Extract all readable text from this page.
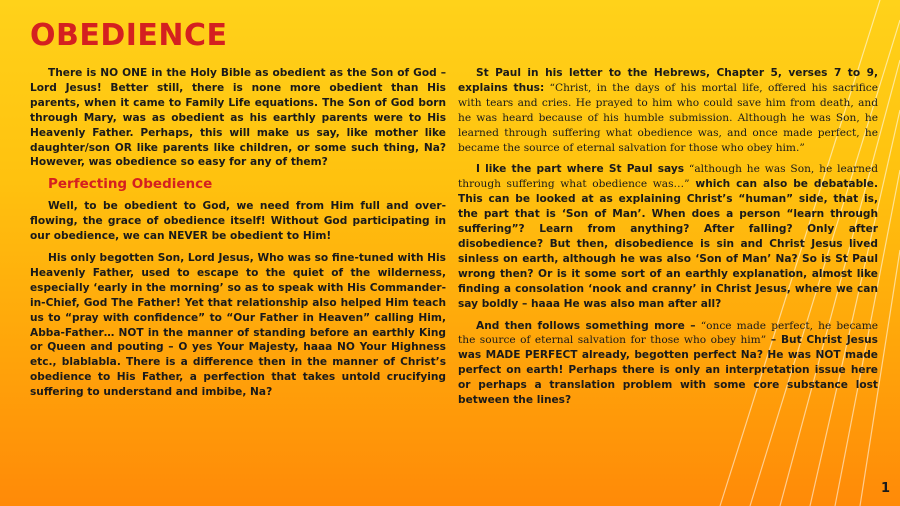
OBEDIENCE

There is NO ONE in the Holy Bible as obedient as the Son of God – Lord Jesus! Better still, there is none more obedient than His parents, when it came to Family Life equations. The Son of God born through Mary, was as obedient as his earthly parents were to His Heavenly Father. Perhaps, this will make us say, like mother like daughter/son OR like parents like children, or some such thing, Na? However, was obedience so easy for any of them?

Perfecting Obedience

Well, to be obedient to God, we need from Him full and over-flowing, the grace of obedience itself! Without God participating in our obedience, we can NEVER be obedient to Him!

His only begotten Son, Lord Jesus, Who was so fine-tuned with His Heavenly Father, used to escape to the quiet of the wilderness, especially ‘early in the morning’ so as to speak with His Commander-in-Chief, God The Father! Yet that relationship also helped Him teach us to “pray with confidence” to “Our Father in Heaven” calling Him, Abba-Father… NOT in the manner of standing before an earthly King or Queen and pouting – O yes Your Majesty, haaa NO Your Highness etc., blablabla. There is a difference then in the manner of Christ’s obedience to His Father, a perfection that takes untold crucifying suffering to understand and imbibe, Na?

St Paul in his letter to the Hebrews, Chapter 5, verses 7 to 9, explains thus: “Christ, in the days of his mortal life, offered his sacrifice with tears and cries. He prayed to him who could save him from death, and he was heard because of his humble submission. Although he was Son, he learned through suffering what obedience was, and once made perfect, he became the source of eternal salvation for those who obey him.”

I like the part where St Paul says “although he was Son, he learned through suffering what obedience was…” which can also be debatable. This can be looked at as explaining Christ’s “human” side, that is, the part that is ‘Son of Man’. When does a person “learn through suffering”? Learn from anything? After falling? Only after disobedience? But then, disobedience is sin and Christ Jesus lived sinless on earth, although he was also ‘Son of Man’ Na? So is St Paul wrong then? Or is it some sort of an earthly explanation, almost like finding a consolation ‘nook and cranny’ in Christ Jesus, where we can say boldly – haaa He was also man after all?

And then follows something more – “once made perfect, he became the source of eternal salvation for those who obey him” – But Christ Jesus was MADE PERFECT already, begotten perfect Na? He was NOT made perfect on earth! Perhaps there is only an interpretation issue here or perhaps a translation problem with some core substance lost between the lines?

1
